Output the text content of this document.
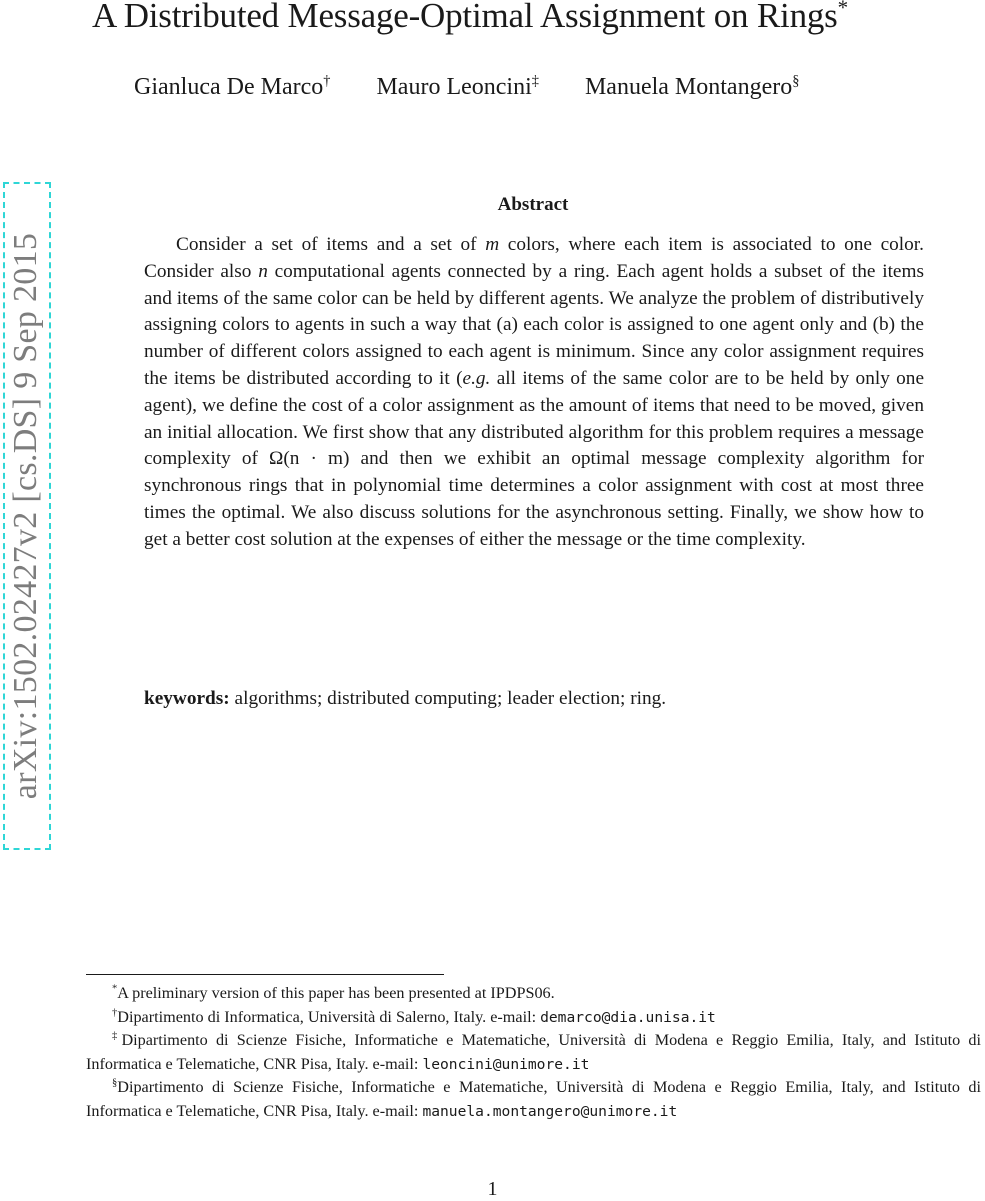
A Distributed Message-Optimal Assignment on Rings*
Gianluca De Marco† Mauro Leoncini‡ Manuela Montangero§
arXiv:1502.02427v2 [cs.DS] 9 Sep 2015
Abstract

Consider a set of items and a set of m colors, where each item is associated to one color. Consider also n computational agents connected by a ring. Each agent holds a subset of the items and items of the same color can be held by different agents. We analyze the problem of distributively assigning colors to agents in such a way that (a) each color is assigned to one agent only and (b) the number of different colors assigned to each agent is minimum. Since any color assignment requires the items be distributed according to it (e.g. all items of the same color are to be held by only one agent), we define the cost of a color assignment as the amount of items that need to be moved, given an initial allocation. We first show that any distributed algorithm for this problem requires a message complexity of Ω(n · m) and then we exhibit an optimal message complexity algorithm for synchronous rings that in polynomial time determines a color assignment with cost at most three times the optimal. We also discuss solutions for the asynchronous setting. Finally, we show how to get a better cost solution at the expenses of either the message or the time complexity.

keywords: algorithms; distributed computing; leader election; ring.

*A preliminary version of this paper has been presented at IPDPS06.

†Dipartimento di Informatica, Università di Salerno, Italy. e-mail: demarco@dia.unisa.it

‡Dipartimento di Scienze Fisiche, Informatiche e Matematiche, Università di Modena e Reggio Emilia, Italy, and Istituto di Informatica e Telematiche, CNR Pisa, Italy. e-mail: leoncini@unimore.it

§Dipartimento di Scienze Fisiche, Informatiche e Matematiche, Università di Modena e Reggio Emilia, Italy, and Istituto di Informatica e Telematiche, CNR Pisa, Italy. e-mail: manuela.montangero@unimore.it

1
